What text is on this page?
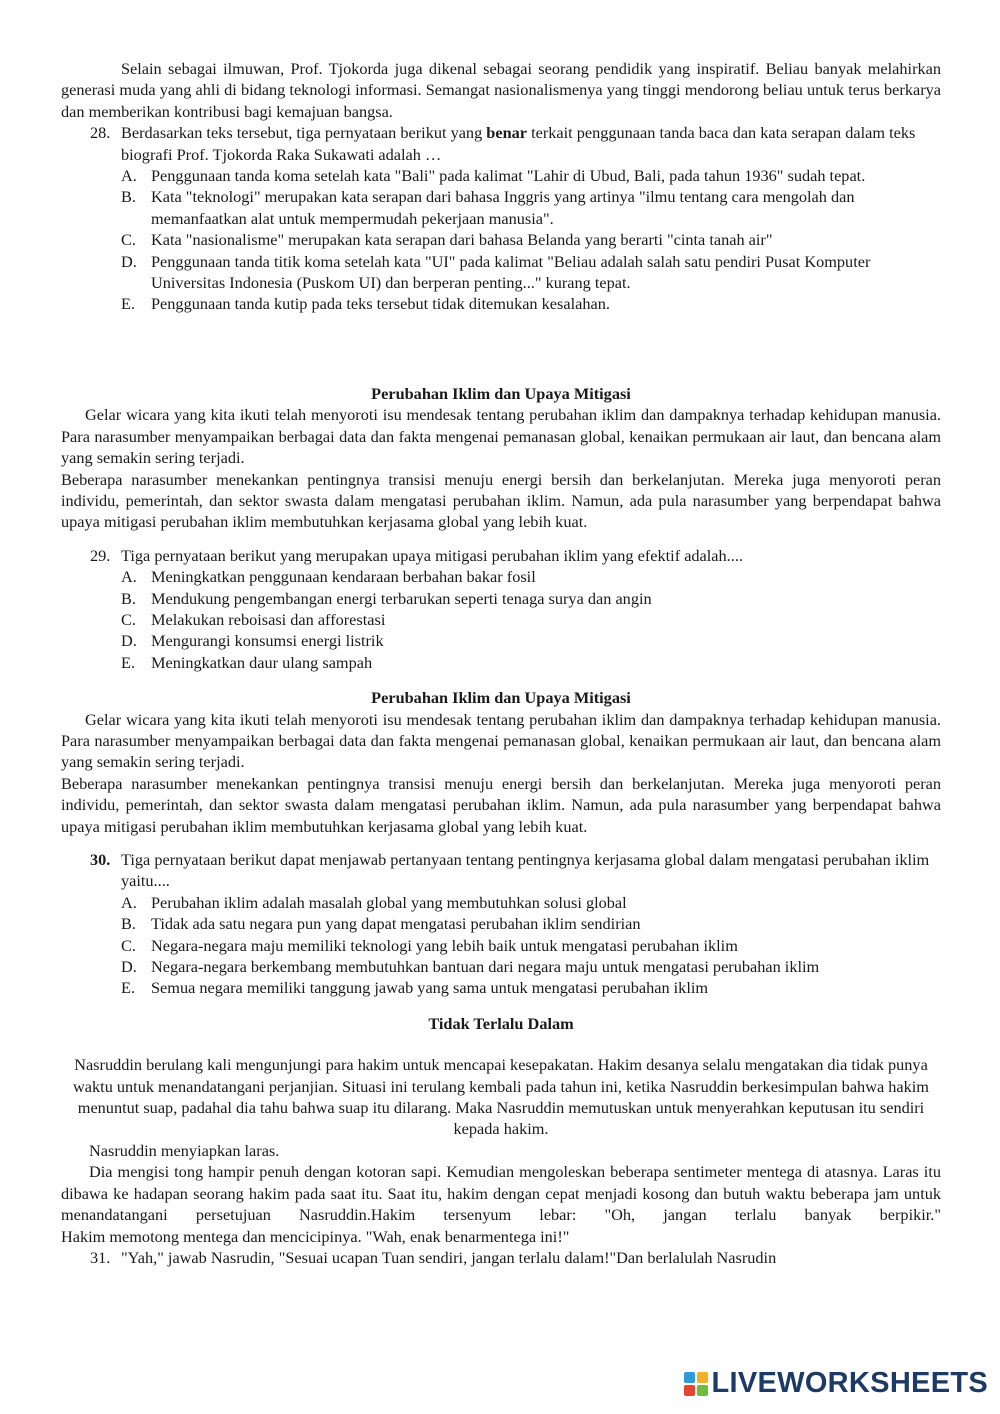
Selain sebagai ilmuwan, Prof. Tjokorda juga dikenal sebagai seorang pendidik yang inspiratif. Beliau banyak melahirkan generasi muda yang ahli di bidang teknologi informasi. Semangat nasionalismenya yang tinggi mendorong beliau untuk terus berkarya dan memberikan kontribusi bagi kemajuan bangsa.

28. Berdasarkan teks tersebut, tiga pernyataan berikut yang benar terkait penggunaan tanda baca dan kata serapan dalam teks biografi Prof. Tjokorda Raka Sukawati adalah …
A. Penggunaan tanda koma setelah kata "Bali" pada kalimat "Lahir di Ubud, Bali, pada tahun 1936" sudah tepat.
B. Kata "teknologi" merupakan kata serapan dari bahasa Inggris yang artinya "ilmu tentang cara mengolah dan memanfaatkan alat untuk mempermudah pekerjaan manusia".
C. Kata "nasionalisme" merupakan kata serapan dari bahasa Belanda yang berarti "cinta tanah air"
D. Penggunaan tanda titik koma setelah kata "UI" pada kalimat "Beliau adalah salah satu pendiri Pusat Komputer Universitas Indonesia (Puskom UI) dan berperan penting..." kurang tepat.
E. Penggunaan tanda kutip pada teks tersebut tidak ditemukan kesalahan.

Perubahan Iklim dan Upaya Mitigasi

Gelar wicara yang kita ikuti telah menyoroti isu mendesak tentang perubahan iklim dan dampaknya terhadap kehidupan manusia. Para narasumber menyampaikan berbagai data dan fakta mengenai pemanasan global, kenaikan permukaan air laut, dan bencana alam yang semakin sering terjadi.

Beberapa narasumber menekankan pentingnya transisi menuju energi bersih dan berkelanjutan. Mereka juga menyoroti peran individu, pemerintah, dan sektor swasta dalam mengatasi perubahan iklim. Namun, ada pula narasumber yang berpendapat bahwa upaya mitigasi perubahan iklim membutuhkan kerjasama global yang lebih kuat.

29. Tiga pernyataan berikut yang merupakan upaya mitigasi perubahan iklim yang efektif adalah....
A. Meningkatkan penggunaan kendaraan berbahan bakar fosil
B. Mendukung pengembangan energi terbarukan seperti tenaga surya dan angin
C. Melakukan reboisasi dan afforestasi
D. Mengurangi konsumsi energi listrik
E. Meningkatkan daur ulang sampah

Perubahan Iklim dan Upaya Mitigasi

Gelar wicara yang kita ikuti telah menyoroti isu mendesak tentang perubahan iklim dan dampaknya terhadap kehidupan manusia. Para narasumber menyampaikan berbagai data dan fakta mengenai pemanasan global, kenaikan permukaan air laut, dan bencana alam yang semakin sering terjadi.

Beberapa narasumber menekankan pentingnya transisi menuju energi bersih dan berkelanjutan. Mereka juga menyoroti peran individu, pemerintah, dan sektor swasta dalam mengatasi perubahan iklim. Namun, ada pula narasumber yang berpendapat bahwa upaya mitigasi perubahan iklim membutuhkan kerjasama global yang lebih kuat.

30. Tiga pernyataan berikut dapat menjawab pertanyaan tentang pentingnya kerjasama global dalam mengatasi perubahan iklim yaitu....
A. Perubahan iklim adalah masalah global yang membutuhkan solusi global
B. Tidak ada satu negara pun yang dapat mengatasi perubahan iklim sendirian
C. Negara-negara maju memiliki teknologi yang lebih baik untuk mengatasi perubahan iklim
D. Negara-negara berkembang membutuhkan bantuan dari negara maju untuk mengatasi perubahan iklim
E. Semua negara memiliki tanggung jawab yang sama untuk mengatasi perubahan iklim

Tidak Terlalu Dalam

Nasruddin berulang kali mengunjungi para hakim untuk mencapai kesepakatan. Hakim desanya selalu mengatakan dia tidak punya waktu untuk menandatangani perjanjian. Situasi ini terulang kembali pada tahun ini, ketika Nasruddin berkesimpulan bahwa hakim menuntut suap, padahal dia tahu bahwa suap itu dilarang. Maka Nasruddin memutuskan untuk menyerahkan keputusan itu sendiri kepada hakim.

Nasruddin menyiapkan laras.

Dia mengisi tong hampir penuh dengan kotoran sapi. Kemudian mengoleskan beberapa sentimeter mentega di atasnya. Laras itu dibawa ke hadapan seorang hakim pada saat itu. Saat itu, hakim dengan cepat menjadi kosong dan butuh waktu beberapa jam untuk menandatangani persetujuan Nasruddin.Hakim tersenyum lebar: "Oh, jangan terlalu banyak berpikir."

Hakim memotong mentega dan mencicipinya. "Wah, enak benarmentega ini!"

31. "Yah," jawab Nasrudin, "Sesuai ucapan Tuan sendiri, jangan terlalu dalam!"Dan berlalulah Nasrudin
LIVEWORKSHEETS
